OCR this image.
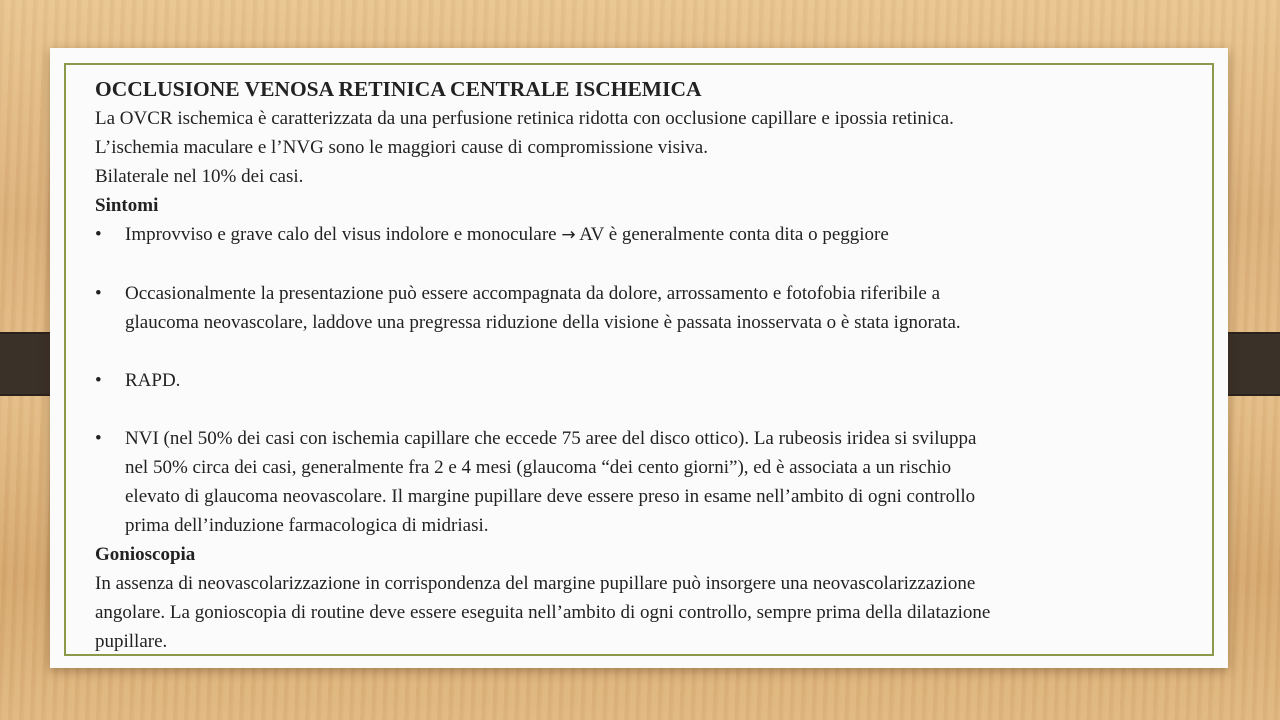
OCCLUSIONE VENOSA RETINICA CENTRALE ISCHEMICA

La OVCR ischemica è caratterizzata da una perfusione retinica ridotta con occlusione capillare e ipossia retinica.

L’ischemia maculare e l’NVG sono le maggiori cause di compromissione visiva.

Bilaterale nel 10% dei casi.

Sintomi

• Improvviso e grave calo del visus indolore e monoculare → AV è generalmente conta dita o peggiore
• Occasionalmente la presentazione può essere accompagnata da dolore, arrossamento e fotofobia riferibile a

glaucoma neovascolare, laddove una pregressa riduzione della visione è passata inosservata o è stata ignorata.

• RAPD.

• NVI (nel 50% dei casi con ischemia capillare che eccede 75 aree del disco ottico). La rubeosis iridea si sviluppa

nel 50% circa dei casi, generalmente fra 2 e 4 mesi (glaucoma “dei cento giorni”), ed è associata a un rischio

elevato di glaucoma neovascolare. Il margine pupillare deve essere preso in esame nell’ambito di ogni controllo

prima dell’induzione farmacologica di midriasi.

Gonioscopia

In assenza di neovascolarizzazione in corrispondenza del margine pupillare può insorgere una neovascolarizzazione

angolare. La gonioscopia di routine deve essere eseguita nell’ambito di ogni controllo, sempre prima della dilatazione

pupillare.
